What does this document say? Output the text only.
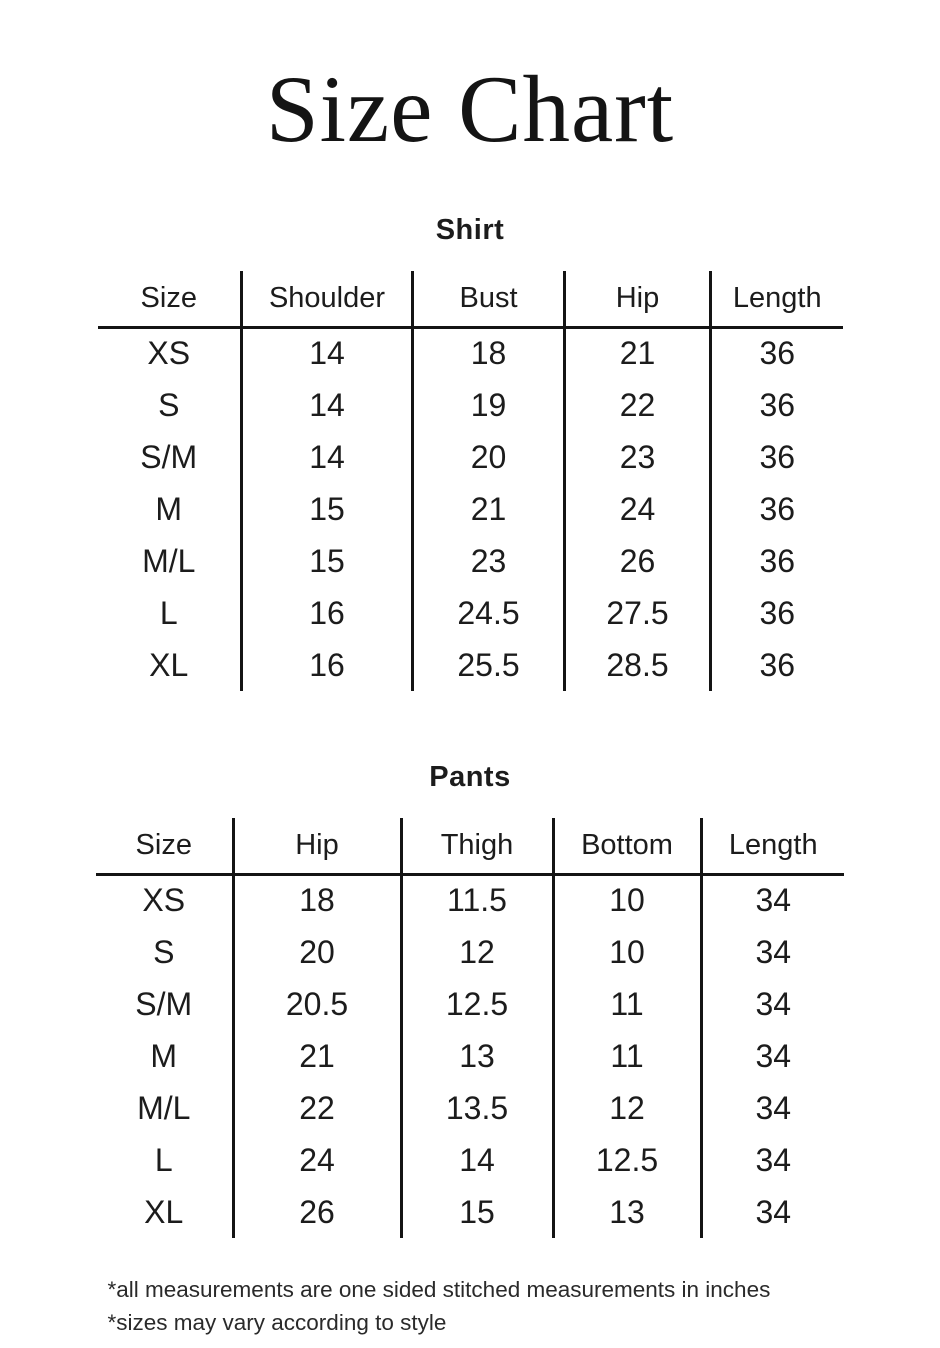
Size Chart
Shirt
Size	Shoulder	Bust	Hip	Length
XS	14	18	21	36
S	14	19	22	36
S/M	14	20	23	36
M	15	21	24	36
M/L	15	23	26	36
L	16	24.5	27.5	36
XL	16	25.5	28.5	36
Pants
Size	Hip	Thigh	Bottom	Length
XS	18	11.5	10	34
S	20	12	10	34
S/M	20.5	12.5	11	34
M	21	13	11	34
M/L	22	13.5	12	34
L	24	14	12.5	34
XL	26	15	13	34

*all measurements are one sided stitched measurements in inches

*sizes may vary according to style
